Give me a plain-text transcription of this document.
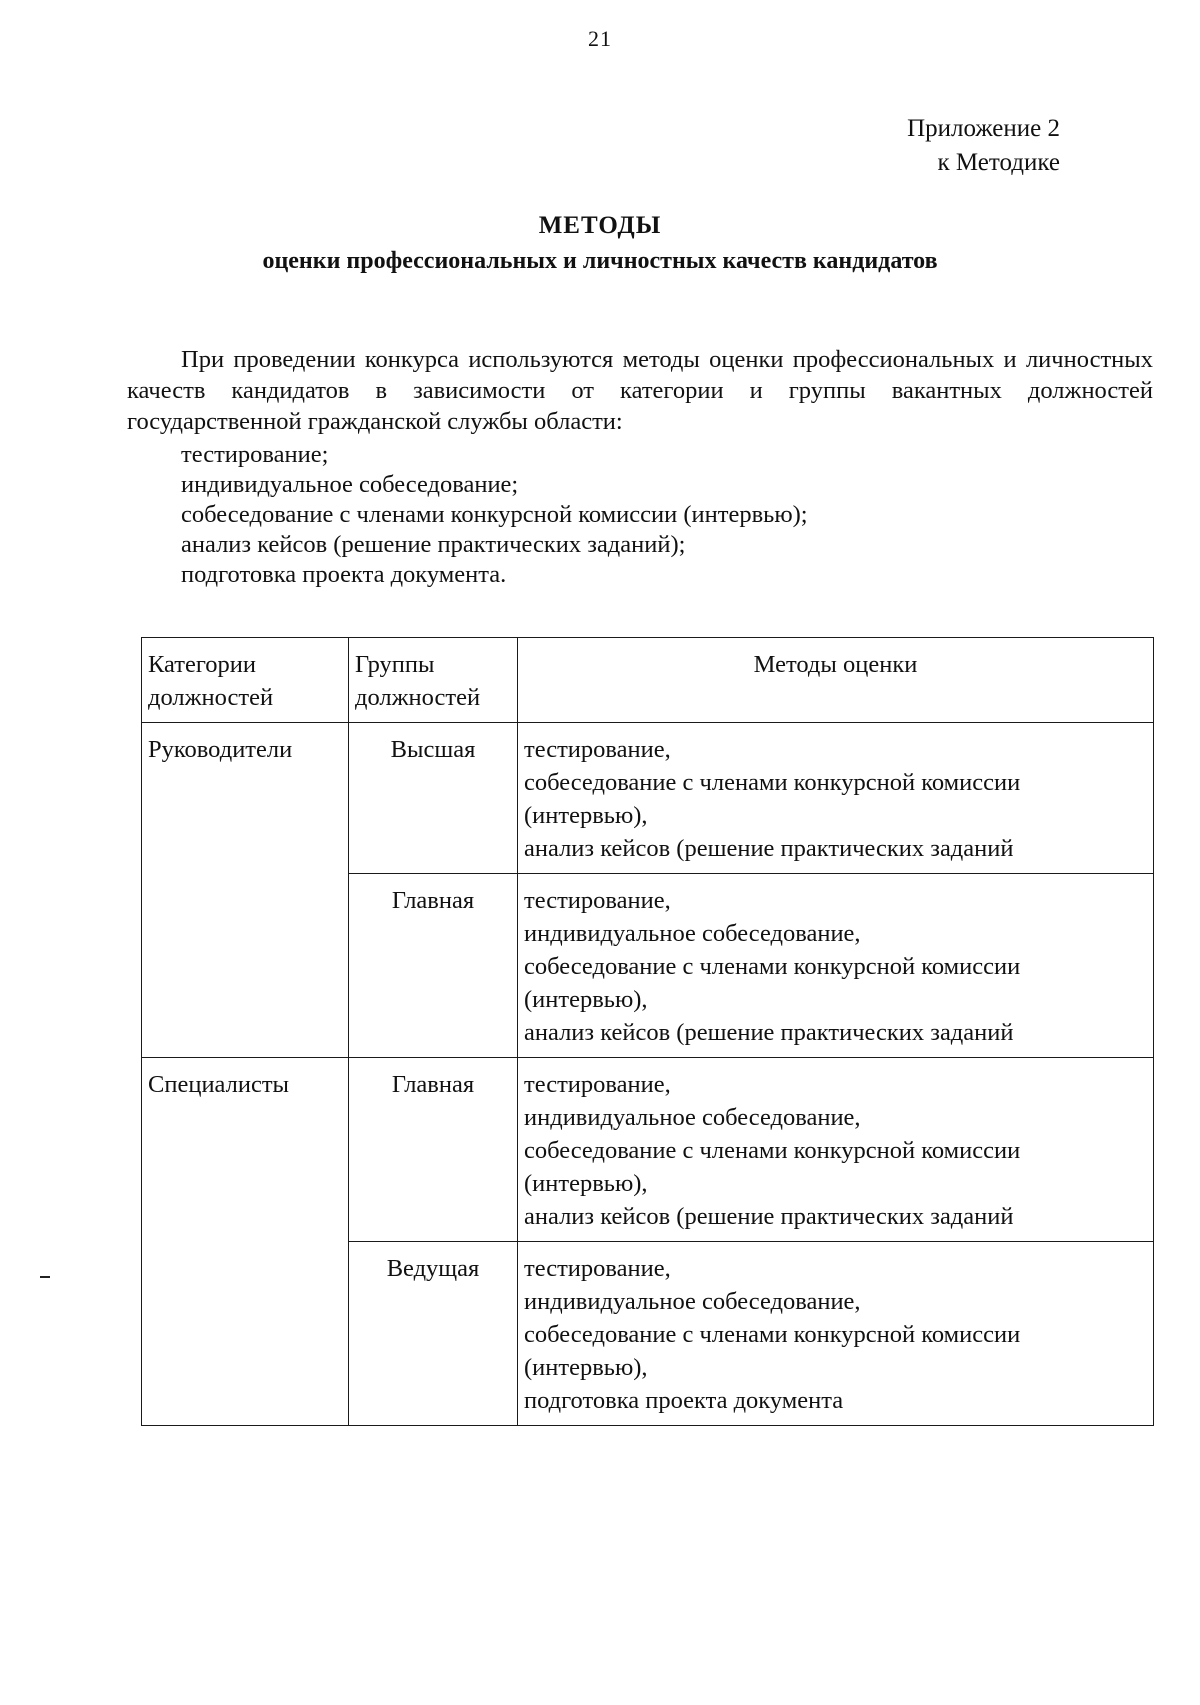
21
Приложение 2
к Методике
МЕТОДЫ
оценки профессиональных и личностных качеств кандидатов

При проведении конкурса используются методы оценки профессиональных и личностных качеств кандидатов в зависимости от категории и группы вакантных должностей государственной гражданской службы области:

тестирование;
индивидуальное собеседование;
собеседование с членами конкурсной комиссии (интервью);
анализ кейсов (решение практических заданий);
подготовка проекта документа.
Категории должностей	Группы должностей	Методы оценки
Руководители	Высшая	тестирование,
собеседование с членами конкурсной комиссии
(интервью),
анализ кейсов (решение практических заданий

	Главная	тестирование,
индивидуальное собеседование,
собеседование с членами конкурсной комиссии
(интервью),
анализ кейсов (решение практических заданий

Специалисты	Главная	тестирование,
индивидуальное собеседование,
собеседование с членами конкурсной комиссии
(интервью),
анализ кейсов (решение практических заданий

	Ведущая	тестирование,
индивидуальное собеседование,
собеседование с членами конкурсной комиссии
(интервью),
подготовка проекта документа
